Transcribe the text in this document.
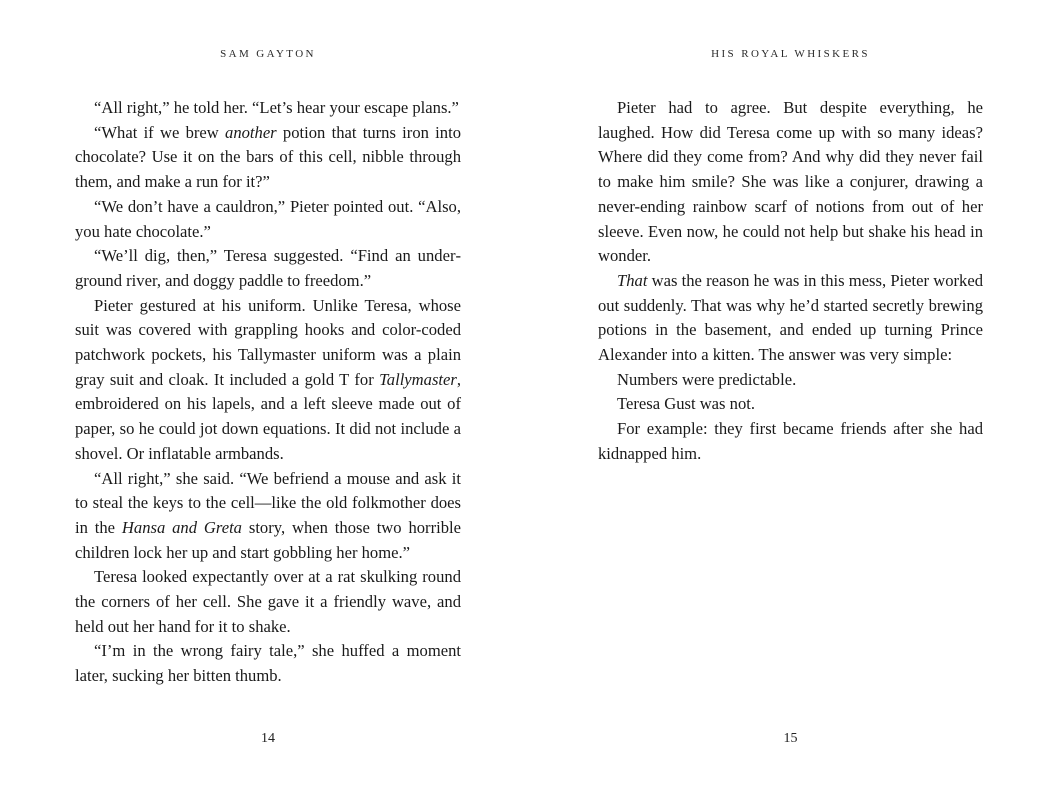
SAM GAYTON

“All right,” he told her. “Let’s hear your escape plans.”

“What if we brew another potion that turns iron into chocolate? Use it on the bars of this cell, nibble through them, and make a run for it?”

“We don’t have a cauldron,” Pieter pointed out. “Also, you hate chocolate.”

“We’ll dig, then,” Teresa suggested. “Find an underground river, and doggy paddle to freedom.”

Pieter gestured at his uniform. Unlike Teresa, whose suit was covered with grappling hooks and color-coded patchwork pockets, his Tallymaster uniform was a plain gray suit and cloak. It included a gold T for Tallymaster, embroidered on his lapels, and a left sleeve made out of paper, so he could jot down equations. It did not include a shovel. Or inflatable armbands.

“All right,” she said. “We befriend a mouse and ask it to steal the keys to the cell—like the old folkmother does in the Hansa and Greta story, when those two horrible children lock her up and start gobbling her home.”

Teresa looked expectantly over at a rat skulking round the corners of her cell. She gave it a friendly wave, and held out her hand for it to shake.

“I’m in the wrong fairy tale,” she huffed a moment later, sucking her bitten thumb.

14
HIS ROYAL WHISKERS

Pieter had to agree. But despite everything, he laughed. How did Teresa come up with so many ideas? Where did they come from? And why did they never fail to make him smile? She was like a conjurer, drawing a never-ending rainbow scarf of notions from out of her sleeve. Even now, he could not help but shake his head in wonder.

That was the reason he was in this mess, Pieter worked out suddenly. That was why he’d started secretly brewing potions in the basement, and ended up turning Prince Alexander into a kitten. The answer was very simple:

Numbers were predictable.

Teresa Gust was not.

For example: they first became friends after she had kidnapped him.

15
